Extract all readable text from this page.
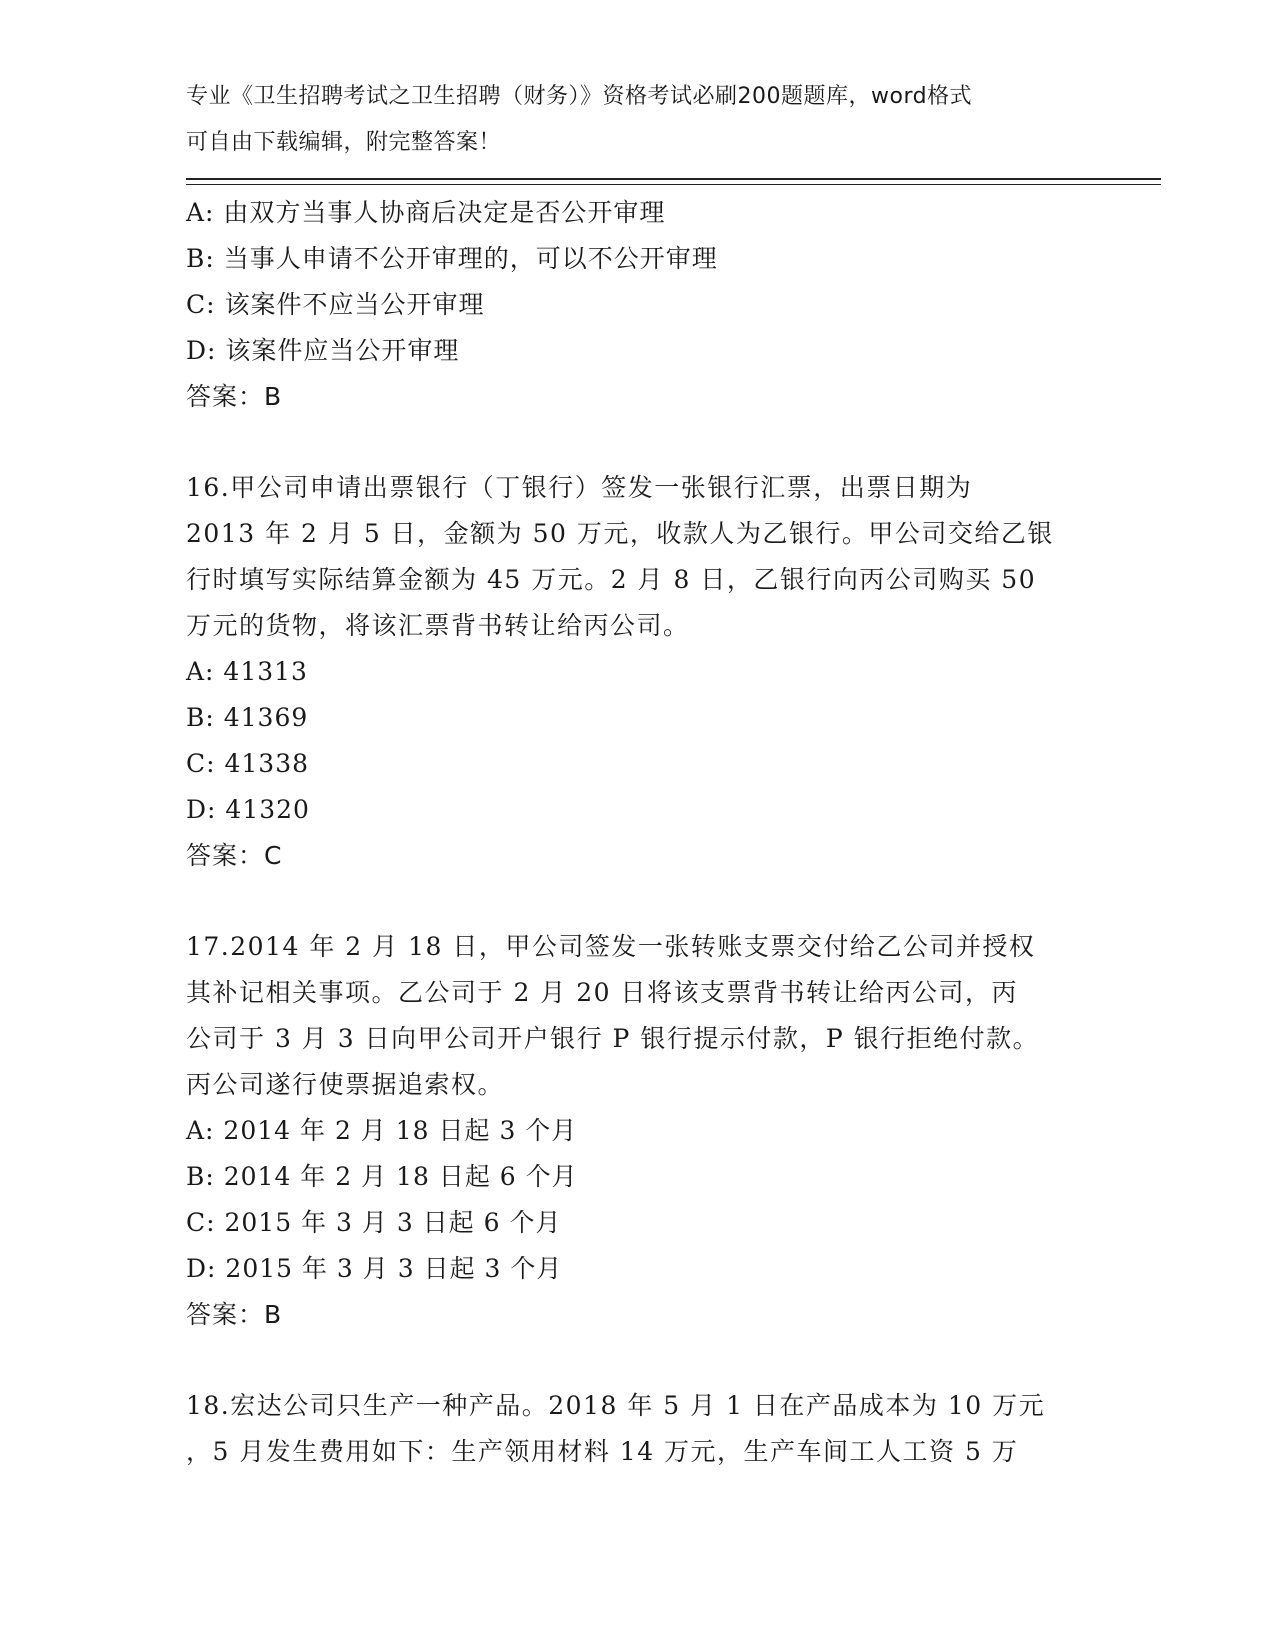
专业《卫生招聘考试之卫生招聘（财务）》资格考试必刷200题题库，word格式
可自由下载编辑，附完整答案！
A: 由双方当事人协商后决定是否公开审理
B: 当事人申请不公开审理的，可以不公开审理
C: 该案件不应当公开审理
D: 该案件应当公开审理
答案：B
16.甲公司申请出票银行（丁银行）签发一张银行汇票，出票日期为
2013 年 2 月 5 日，金额为 50 万元，收款人为乙银行。甲公司交给乙银
行时填写实际结算金额为 45 万元。2 月 8 日，乙银行向丙公司购买 50
万元的货物，将该汇票背书转让给丙公司。
A: 41313
B: 41369
C: 41338
D: 41320
答案：C
17.2014 年 2 月 18 日，甲公司签发一张转账支票交付给乙公司并授权
其补记相关事项。乙公司于 2 月 20 日将该支票背书转让给丙公司，丙
公司于 3 月 3 日向甲公司开户银行 P 银行提示付款，P 银行拒绝付款。
丙公司遂行使票据追索权。
A: 2014 年 2 月 18 日起 3 个月
B: 2014 年 2 月 18 日起 6 个月
C: 2015 年 3 月 3 日起 6 个月
D: 2015 年 3 月 3 日起 3 个月
答案：B
18.宏达公司只生产一种产品。2018 年 5 月 1 日在产品成本为 10 万元
，5 月发生费用如下：生产领用材料 14 万元，生产车间工人工资 5 万
